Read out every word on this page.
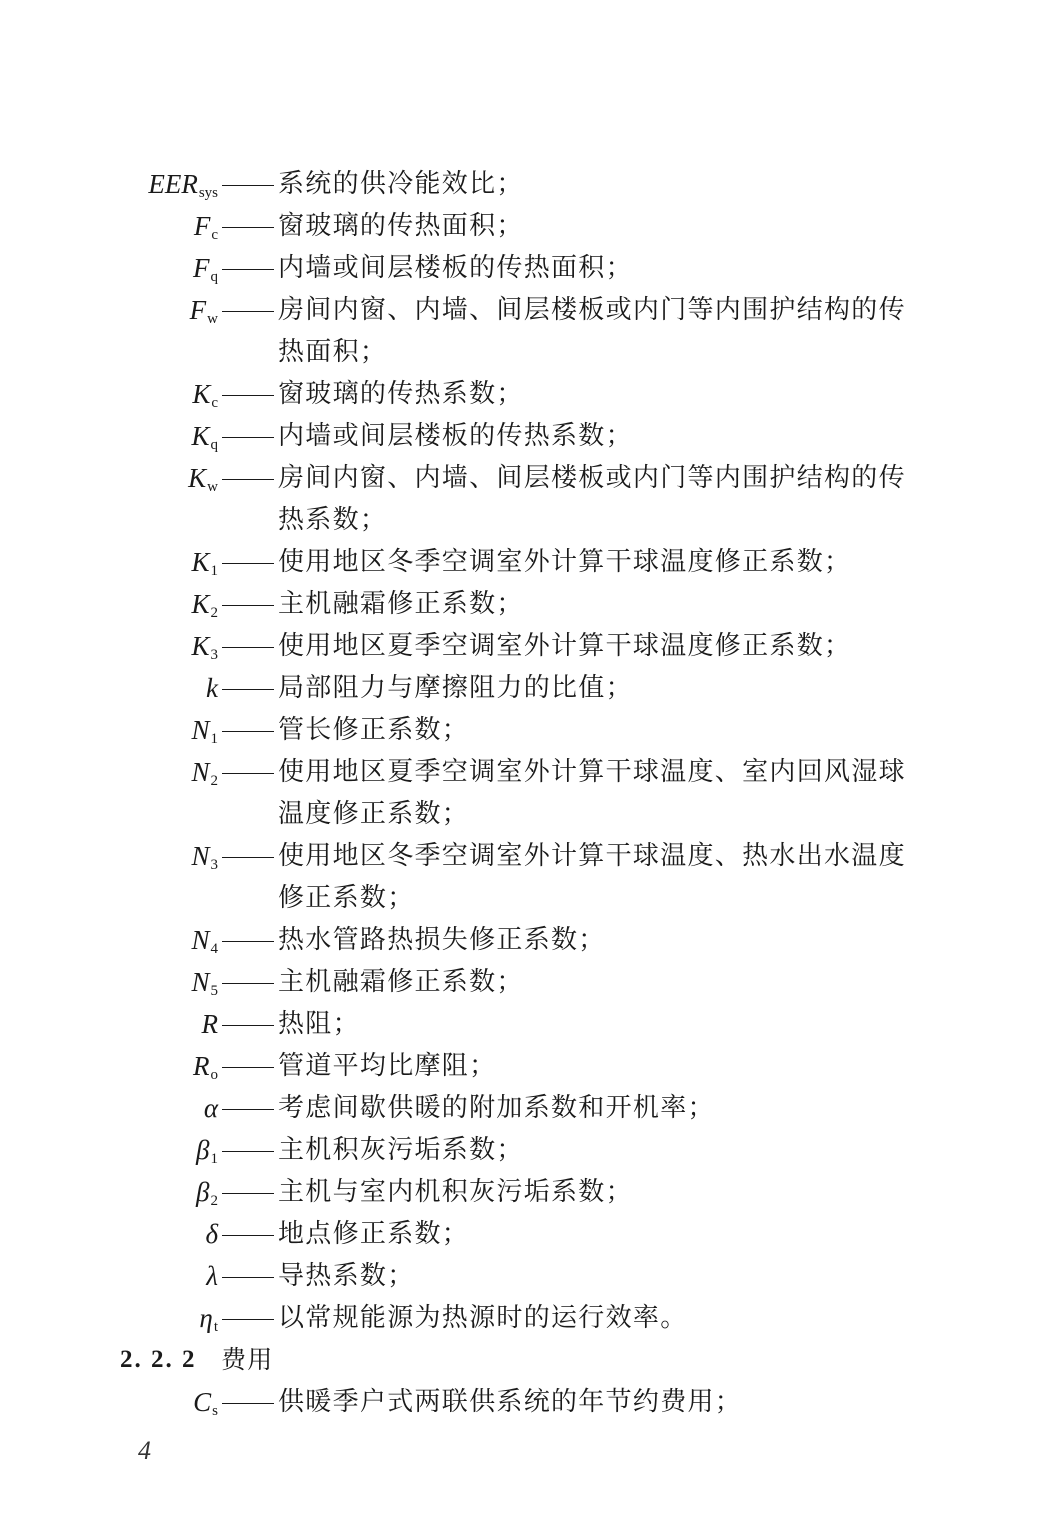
$EER_{sys}$ 系统的供冷能效比；
$F_c$ 窗玻璃的传热面积；
$F_q$ 内墙或间层楼板的传热面积；
$F_w$ 房间内窗、内墙、间层楼板或内门等内围护结构的传热面积；
$K_c$ 窗玻璃的传热系数；
$K_q$ 内墙或间层楼板的传热系数；
$K_w$ 房间内窗、内墙、间层楼板或内门等内围护结构的传热系数；
$K_1$ 使用地区冬季空调室外计算干球温度修正系数；
$K_2$ 主机融霜修正系数；
$K_3$ 使用地区夏季空调室外计算干球温度修正系数；
k 局部阻力与摩擦阻力的比值；
$N_1$ 管长修正系数；
$N_2$ 使用地区夏季空调室外计算干球温度、室内回风湿球温度修正系数；
$N_3$ 使用地区冬季空调室外计算干球温度、热水出水温度修正系数；
$N_4$ 热水管路热损失修正系数；
$N_5$ 主机融霜修正系数；
R 热阻；
$R_o$ 管道平均比摩阻；
α 考虑间歇供暖的附加系数和开机率；
$\beta_1$ 主机积灰污垢系数；
$\beta_2$ 主机与室内机积灰污垢系数；
δ 地点修正系数；
λ 导热系数；
$\eta_t$ 以常规能源为热源时的运行效率。
2. 2. 2 费用
$C_s$ 供暖季户式两联供系统的年节约费用；
4
